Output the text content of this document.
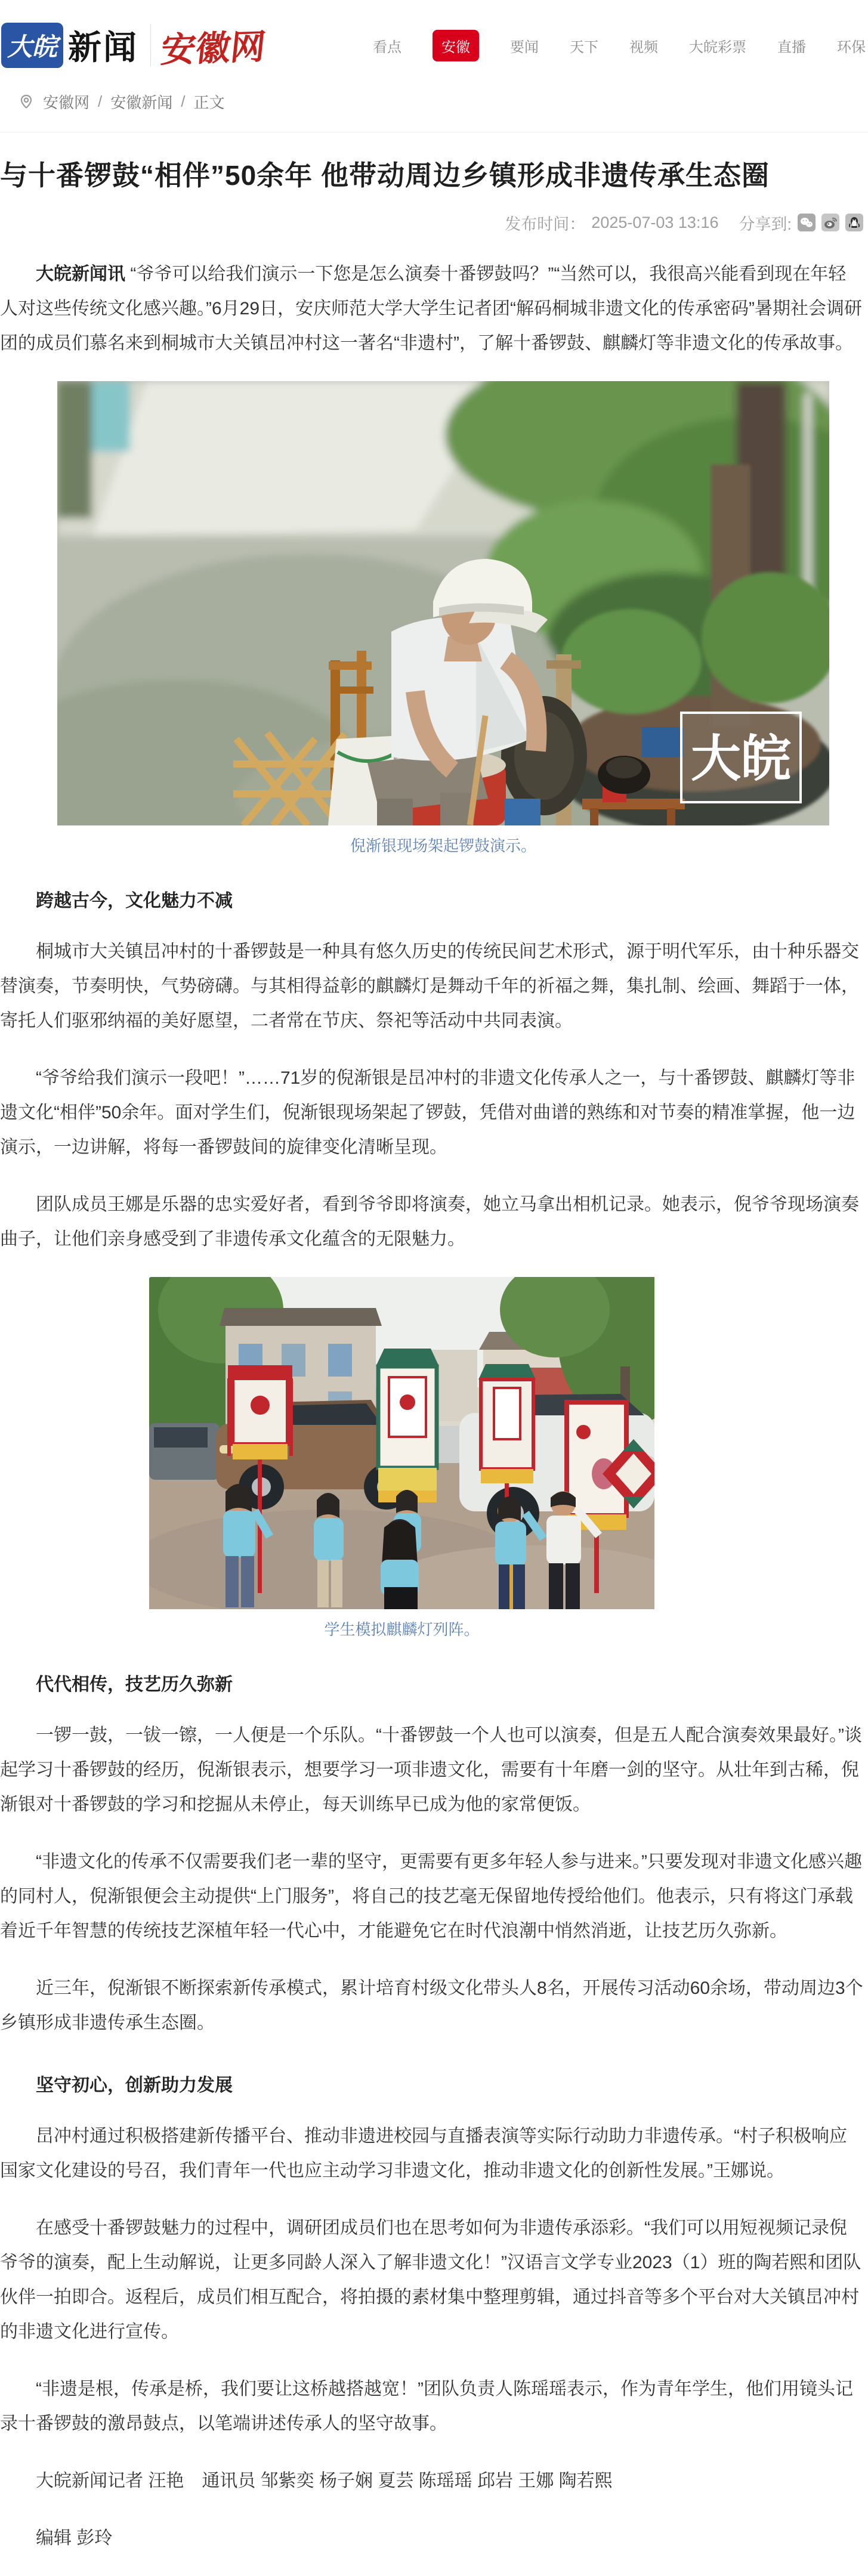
大皖 新闻 安徽网	看点	安徽	要闻 天下 视频 大皖彩票 直播 环保
安徽网 / 安徽新闻 / 正文
与十番锣鼓“相伴”50余年 他带动周边乡镇形成非遗传承生态圈
发布时间： 2025-07-03 13:16 分享到:

大皖新闻讯 “爷爷可以给我们演示一下您是怎么演奏十番锣鼓吗？”“当然可以，我很高兴能看到现在年轻人对这些传统文化感兴趣。”6月29日，安庆师范大学大学生记者团“解码桐城非遗文化的传承密码”暑期社会调研团的成员们慕名来到桐城市大关镇旵冲村这一著名“非遗村”，了解十番锣鼓、麒麟灯等非遗文化的传承故事。

大皖
倪渐银现场架起锣鼓演示。
跨越古今，文化魅力不减

桐城市大关镇旵冲村的十番锣鼓是一种具有悠久历史的传统民间艺术形式，源于明代军乐，由十种乐器交替演奏，节奏明快，气势磅礴。与其相得益彰的麒麟灯是舞动千年的祈福之舞，集扎制、绘画、舞蹈于一体，寄托人们驱邪纳福的美好愿望，二者常在节庆、祭祀等活动中共同表演。

“爷爷给我们演示一段吧！”……71岁的倪渐银是旵冲村的非遗文化传承人之一，与十番锣鼓、麒麟灯等非遗文化“相伴”50余年。面对学生们，倪渐银现场架起了锣鼓，凭借对曲谱的熟练和对节奏的精准掌握，他一边演示，一边讲解，将每一番锣鼓间的旋律变化清晰呈现。

团队成员王娜是乐器的忠实爱好者，看到爷爷即将演奏，她立马拿出相机记录。她表示，倪爷爷现场演奏曲子，让他们亲身感受到了非遗传承文化蕴含的无限魅力。

学生模拟麒麟灯列阵。
代代相传，技艺历久弥新

一锣一鼓，一钹一镲，一人便是一个乐队。“十番锣鼓一个人也可以演奏，但是五人配合演奏效果最好。”谈起学习十番锣鼓的经历，倪渐银表示，想要学习一项非遗文化，需要有十年磨一剑的坚守。从壮年到古稀，倪渐银对十番锣鼓的学习和挖掘从未停止，每天训练早已成为他的家常便饭。

“非遗文化的传承不仅需要我们老一辈的坚守，更需要有更多年轻人参与进来。”只要发现对非遗文化感兴趣的同村人，倪渐银便会主动提供“上门服务”，将自己的技艺毫无保留地传授给他们。他表示，只有将这门承载着近千年智慧的传统技艺深植年轻一代心中，才能避免它在时代浪潮中悄然消逝，让技艺历久弥新。

近三年，倪渐银不断探索新传承模式，累计培育村级文化带头人8名，开展传习活动60余场，带动周边3个乡镇形成非遗传承生态圈。

坚守初心，创新助力发展

旵冲村通过积极搭建新传播平台、推动非遗进校园与直播表演等实际行动助力非遗传承。“村子积极响应国家文化建设的号召，我们青年一代也应主动学习非遗文化，推动非遗文化的创新性发展。”王娜说。

在感受十番锣鼓魅力的过程中，调研团成员们也在思考如何为非遗传承添彩。“我们可以用短视频记录倪爷爷的演奏，配上生动解说，让更多同龄人深入了解非遗文化！”汉语言文学专业2023（1）班的陶若熙和团队伙伴一拍即合。返程后，成员们相互配合，将拍摄的素材集中整理剪辑，通过抖音等多个平台对大关镇旵冲村的非遗文化进行宣传。

“非遗是根，传承是桥，我们要让这桥越搭越宽！”团队负责人陈瑶瑶表示，作为青年学生，他们用镜头记录十番锣鼓的激昂鼓点，以笔端讲述传承人的坚守故事。

大皖新闻记者 汪艳　通讯员 邹紫奕 杨子娴 夏芸 陈瑶瑶 邱岩 王娜 陶若熙

编辑 彭玲
